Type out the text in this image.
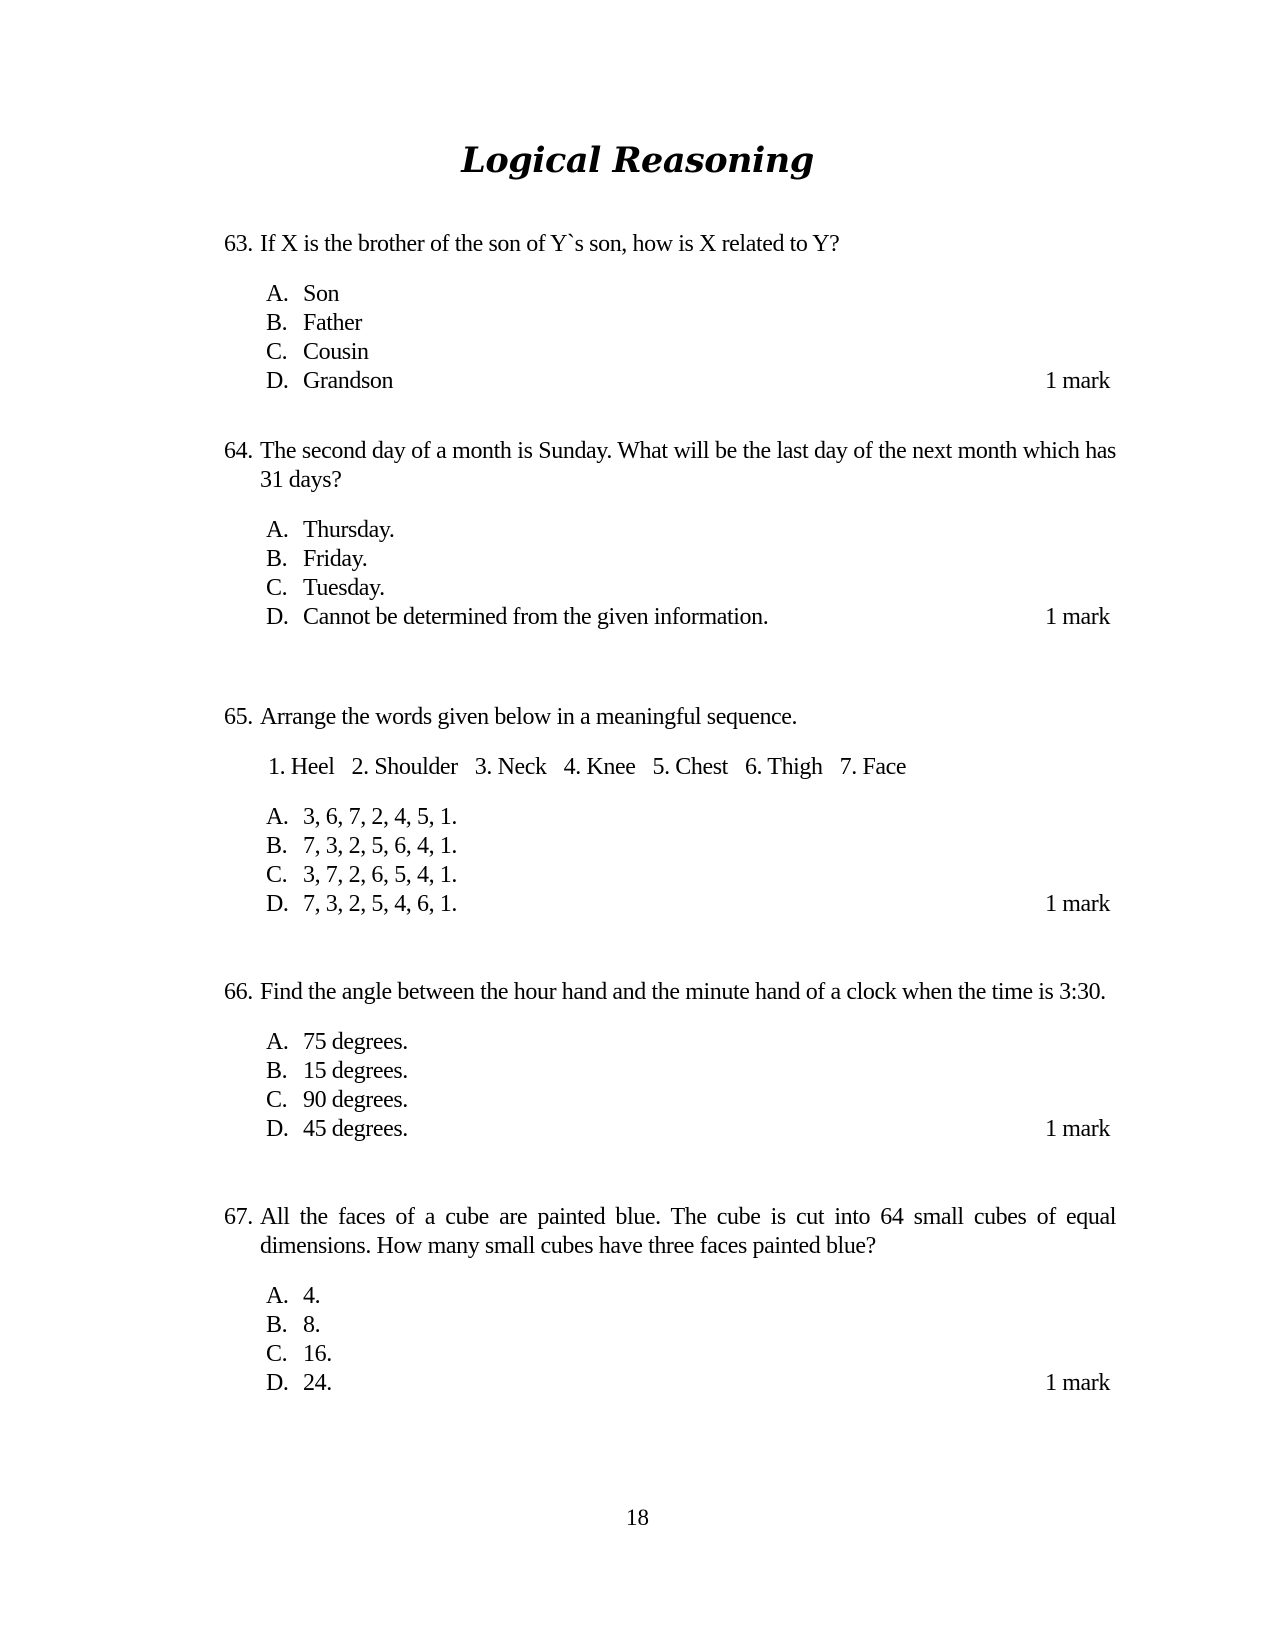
Logical Reasoning
63. If X is the brother of the son of Y`s son, how is X related to Y?
A. Son
B. Father
C. Cousin
D. Grandson	1 mark
64. The second day of a month is Sunday. What will be the last day of the next month which has 31 days?
A. Thursday.
B. Friday.
C. Tuesday.
D. Cannot be determined from the given information.	1 mark
65. Arrange the words given below in a meaningful sequence.
1. Heel 2. Shoulder 3. Neck 4. Knee 5. Chest 6. Thigh 7. Face
A. 3, 6, 7, 2, 4, 5, 1.
B. 7, 3, 2, 5, 6, 4, 1.
C. 3, 7, 2, 6, 5, 4, 1.
D. 7, 3, 2, 5, 4, 6, 1.	1 mark
66. Find the angle between the hour hand and the minute hand of a clock when the time is 3:30.
A. 75 degrees.
B. 15 degrees.
C. 90 degrees.
D. 45 degrees.	1 mark
67. All the faces of a cube are painted blue. The cube is cut into 64 small cubes of equal dimensions. How many small cubes have three faces painted blue?
A. 4.
B. 8.
C. 16.
D. 24.	1 mark
18
